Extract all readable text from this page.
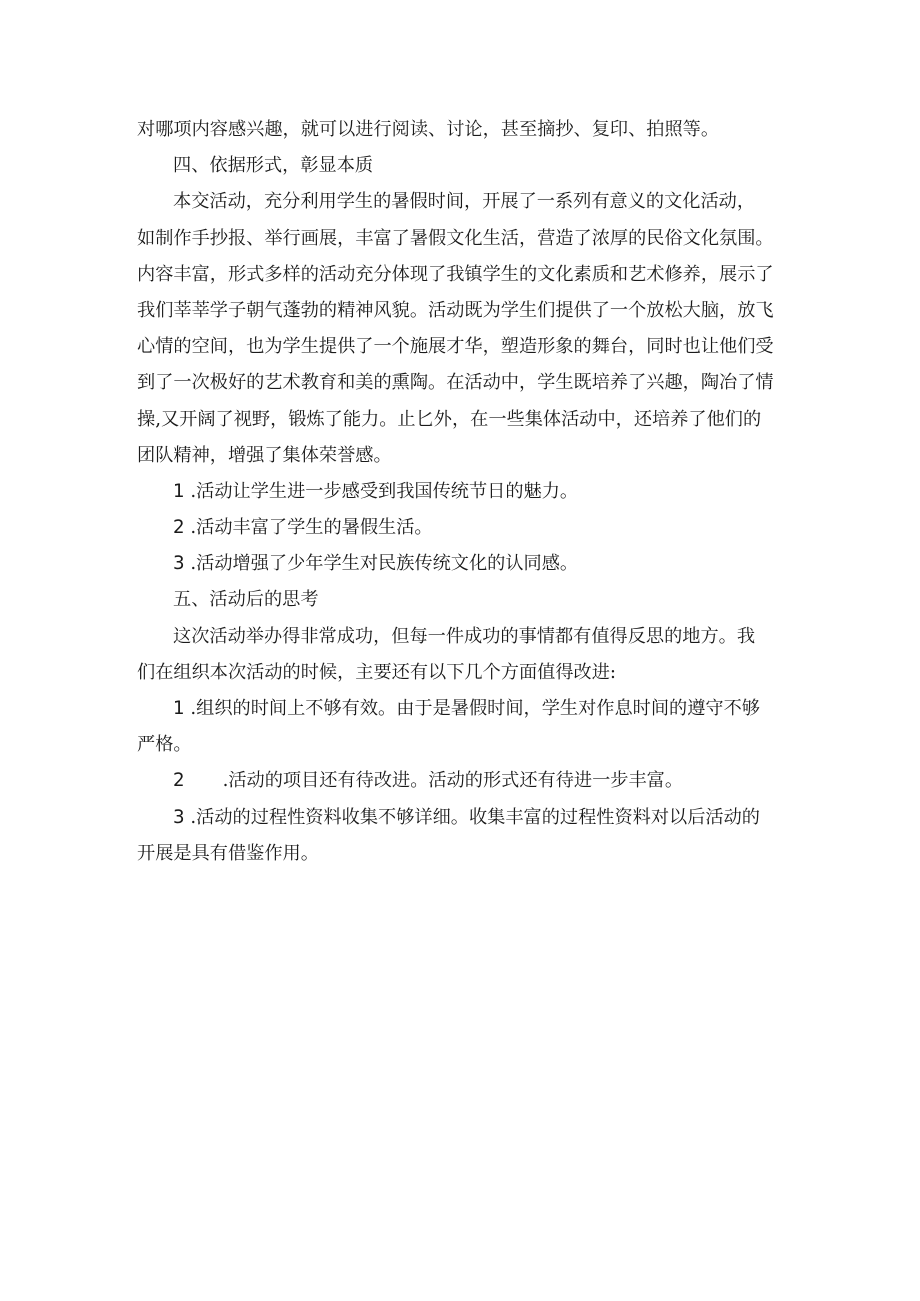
对哪项内容感兴趣，就可以进行阅读、讨论，甚至摘抄、复印、拍照等。
四、依据形式，彰显本质
本交活动，充分利用学生的暑假时间，开展了一系列有意义的文化活动，
如制作手抄报、举行画展，丰富了暑假文化生活，营造了浓厚的民俗文化氛围。
内容丰富，形式多样的活动充分体现了我镇学生的文化素质和艺术修养，展示了
我们莘莘学子朝气蓬勃的精神风貌。活动既为学生们提供了一个放松大脑，放飞
心情的空间，也为学生提供了一个施展才华，塑造形象的舞台，同时也让他们受
到了一次极好的艺术教育和美的熏陶。在活动中，学生既培养了兴趣，陶冶了情
操,又开阔了视野，锻炼了能力。止匕外，在一些集体活动中，还培养了他们的
团队精神，增强了集体荣誉感。
1 .活动让学生进一步感受到我国传统节日的魅力。
2 .活动丰富了学生的暑假生活。
3 .活动增强了少年学生对民族传统文化的认同感。
五、活动后的思考
这次活动举办得非常成功，但每一件成功的事情都有值得反思的地方。我
们在组织本次活动的时候，主要还有以下几个方面值得改进:
1 .组织的时间上不够有效。由于是暑假时间，学生对作息时间的遵守不够
严格。
2 .活动的项目还有待改进。活动的形式还有待进一步丰富。
3 .活动的过程性资料收集不够详细。收集丰富的过程性资料对以后活动的
开展是具有借鉴作用。
